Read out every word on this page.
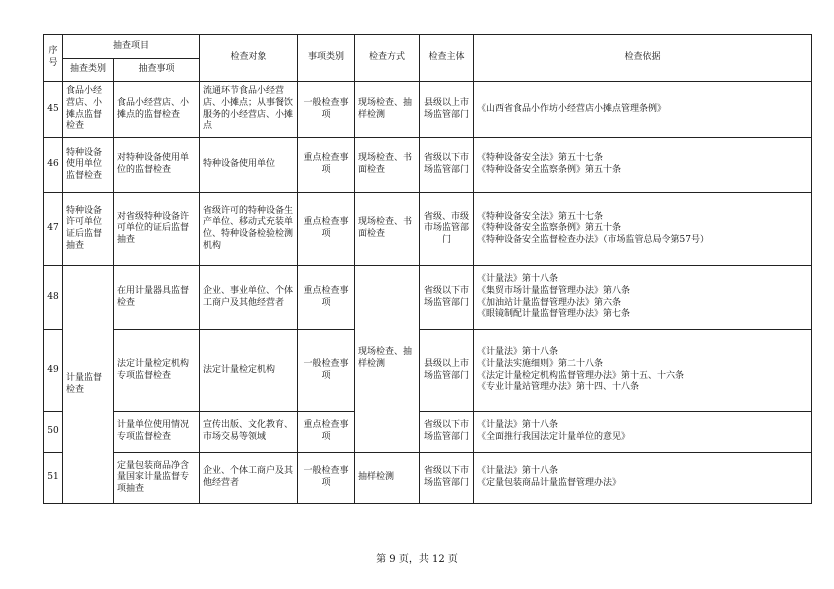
序号	抽查项目		检查对象	事项类别	检查方式	检查主体	检查依据
	抽查类别	抽查事项					
45	食品小经营店、小摊点监督检查	食品小经营店、小摊点的监督检查	流通环节食品小经营店、小摊点；从事餐饮服务的小经营店、小摊点	一般检查事项	现场检查、抽样检测	县级以上市场监管部门	《山西省食品小作坊小经营店小摊点管理条例》

46	特种设备使用单位监督检查	对特种设备使用单位的监督检查	特种设备使用单位	重点检查事项	现场检查、书面检查	省级以下市场监管部门	《特种设备安全法》第五十七条
《特种设备安全监察条例》第五十条

47	特种设备许可单位证后监督抽查	对省级特种设备许可单位的证后监督抽查	省级许可的特种设备生产单位、移动式充装单位、特种设备检验检测机构	重点检查事项	现场检查、书面检查	省级、市级市场监管部门	《特种设备安全法》第五十七条
《特种设备安全监察条例》第五十条
《特种设备安全监督检查办法》（市场监管总局令第57号）

48	计量监督检查	在用计量器具监督检查	企业、事业单位、个体工商户及其他经营者	重点检查事项	现场检查、抽样检测	省级以下市场监管部门	《计量法》第十八条
《集贸市场计量监督管理办法》第八条
《加油站计量监督管理办法》第六条
《眼镜制配计量监督管理办法》第七条

49		法定计量检定机构专项监督检查	法定计量检定机构	一般检查事项		县级以上市场监管部门	《计量法》第十八条
《计量法实施细则》第二十八条
《法定计量检定机构监督管理办法》第十五、十六条
《专业计量站管理办法》第十四、十八条

50		计量单位使用情况专项监督检查	宣传出版、文化教育、市场交易等领域	重点检查事项		省级以下市场监管部门	《计量法》第十八条
《全面推行我国法定计量单位的意见》

51		定量包装商品净含量国家计量监督专项抽查	企业、个体工商户及其他经营者	一般检查事项	抽样检测	省级以下市场监管部门	《计量法》第十八条
《定量包装商品计量监督管理办法》
第 9 页，共 12 页
